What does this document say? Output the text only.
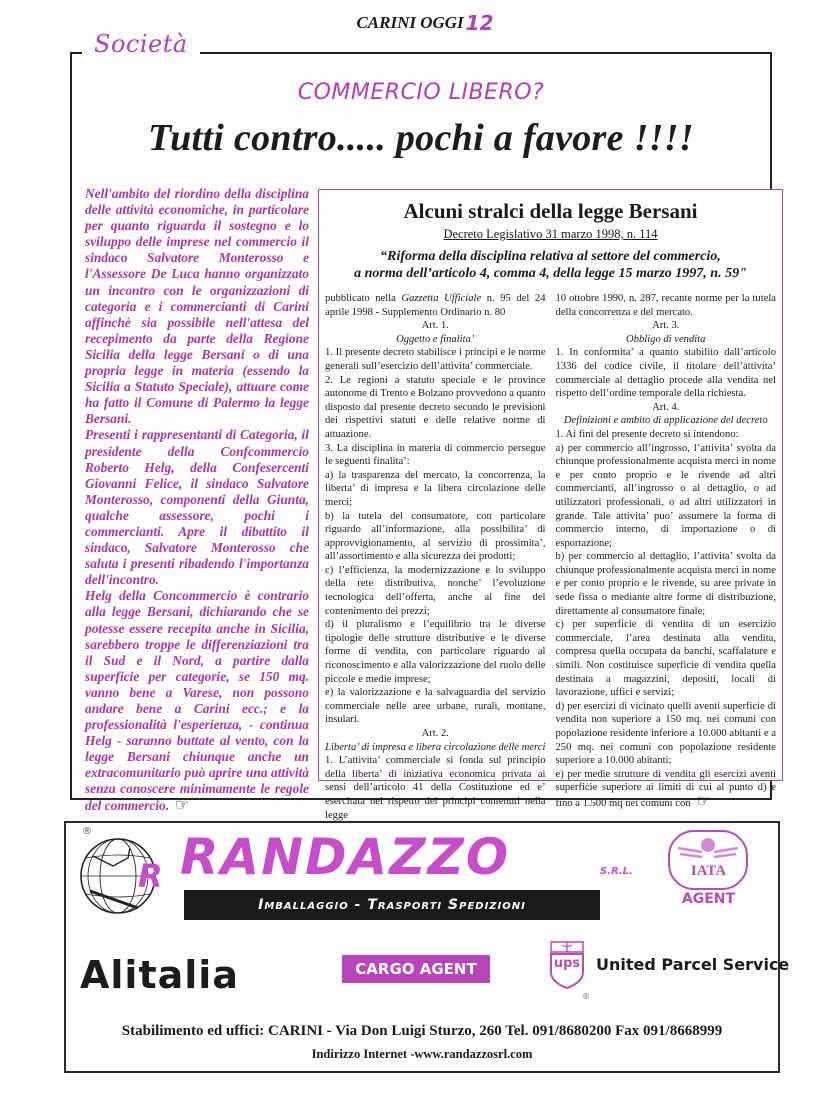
CARINI OGGI 12
Società
COMMERCIO LIBERO?
Tutti contro..... pochi a favore !!!!

Nell'ambito del riordino della disciplina delle attività economiche, in particolare per quanto riguarda il sostegno e lo sviluppo delle imprese nel commercio il sindaco Salvatore Monterosso e l'Assessore De Luca hanno organizzato un incontro con le organizzazioni di categoria e i commercianti di Carini affinchè sia possibile nell'attesa del recepimento da parte della Regione Sicilia della legge Bersani o di una propria legge in materia (essendo la Sicilia a Statuto Speciale), attuare come ha fatto il Comune di Palermo la legge Bersani.

Presenti i rappresentanti di Categoria, il presidente della Confcommercio Roberto Helg, della Confesercenti Giovanni Felice, il sindaco Salvatore Monterosso, componenti della Giunta, qualche assessore, pochi i commercianti. Apre il dibattito il sindaco, Salvatore Monterosso che saluta i presenti ribadendo l'importanza dell'incontro.

Helg della Concommercio è contrario alla legge Bersani, dichiarando che se potesse essere recepita anche in Sicilia, sarebbero troppe le differenziazioni tra il Sud e il Nord, a partire dalla superficie per categorie, se 150 mq. vanno bene a Varese, non possono andare bene a Carini ecc.; e la professionalità l'esperienza, - continua Helg - saranno buttate al vento, con la legge Bersani chiunque anche un extracomunitario può aprire una attività senza conoscere minimamente le regole del commercio. ☞

Alcuni stralci della legge Bersani
Decreto Legislativo 31 marzo 1998, n. 114
“Riforma della disciplina relativa al settore del commercio,
a norma dell’articolo 4, comma 4, della legge 15 marzo 1997, n. 59"

pubblicato nella Gazzetta Ufficiale n. 95 del 24 aprile 1998 - Supplemento Ordinario n. 80

Art. 1.

Oggetto e finalita’

1. Il presente decreto stabilisce i principi e le norme generali sull’esercizio dell’attivita’ commerciale.

2. Le regioni a statuto speciale e le province autonome di Trento e Bolzano provvedono a quanto disposto dal presente decreto secondo le previsioni dei rispettivi statuti e delle relative norme di attuazione.

3. La disciplina in materia di commercio persegue le seguenti finalita’:

a) la trasparenza del mercato, la concorrenza, la liberta’ di impresa e la libera circolazione delle merci;

b) la tutela del consumatore, con particolare riguardo all’informazione, alla possibilita’ di approvvigionamento, al servizio di prossimita’, all’assortimento e alla sicurezza dei prodotti;

c) l’efficienza, la modernizzazione e lo sviluppo della rete distributiva, nonche’ l’evoluzione tecnologica dell’offerta, anche al fine del contenimento dei prezzi;

d) il pluralismo e l’equilibrio tra le diverse tipologie delle strutture distributive e le diverse forme di vendita, con particolare riguardo al riconoscimento e alla valorizzazione del ruolo delle piccole e medie imprese;

e) la valorizzazione e la salvaguardia del servizio commerciale nelle aree urbane, rurali, montane, insulari.

Art. 2.

Liberta’ di impresa e libera circolazione delle merci

1. L’attivita’ commerciale si fonda sul principio della liberta’ di iniziativa economica privata ai sensi dell’articolo 41 della Costituzione ed e’ esercitata nel rispetto dei principi contenuti nella legge

10 ottobre 1990, n. 287, recante norme per la tutela della concorrenza e del mercato.

Art. 3.

Obbligo di vendita

1. In conformita’ a quanto stabilito dall’articolo 1336 del codice civile, il titolare dell’attivita’ commerciale al dettaglio procede alla vendita nel rispetto dell’ordine temporale della richiesta.

Art. 4.

Definizioni e ambito di applicazione del decreto

1. Ai fini del presente decreto si intendono:

a) per commercio all’ingrosso, l’attivita’ svolta da chiunque professionalmente acquista merci in nome e per conto proprio e le rivende ad altri commercianti, all’ingrosso o al dettaglio, o ad utilizzatori professionali, o ad altri utilizzatori in grande. Tale attivita’ puo’ assumere la forma di commercio interno, di importazione o di esportazione;

b) per commercio al dettaglio, l’attivita’ svolta da chiunque professionalmente acquista merci in nome e per conto proprio e le rivende, su aree private in sede fissa o mediante altre forme di distribuzione, direttamente al consumatore finale;

c) per superficie di vendita di un esercizio commerciale, l’area destinata alla vendita, compresa quella occupata da banchi, scaffalature e simili. Non costituisce superficie di vendita quella destinata a magazzini, depositi, locali di lavorazione, uffici e servizi;

d) per esercizi di vicinato quelli aventi superficie di vendita non superiore a 150 mq. nei comuni con popolazione residente inferiore a 10.000 abitanti e a 250 mq. nei comuni con popolazione residente superiore a 10.000 abitanti;

e) per medie strutture di vendita gli esercizi aventi superficie superiore ai limiti di cui al punto d) e fino a 1.500 mq nei comuni con ☞

®
R RANDAZZO	S.R.L.
Imballaggio - Trasporti Spedizioni
IATA
AGENT
Alitalia	CARGO AGENT	ups
®
United Parcel Service
Stabilimento ed uffici: CARINI - Via Don Luigi Sturzo, 260 Tel. 091/8680200 Fax 091/8668999
Indirizzo Internet -www.randazzosrl.com
